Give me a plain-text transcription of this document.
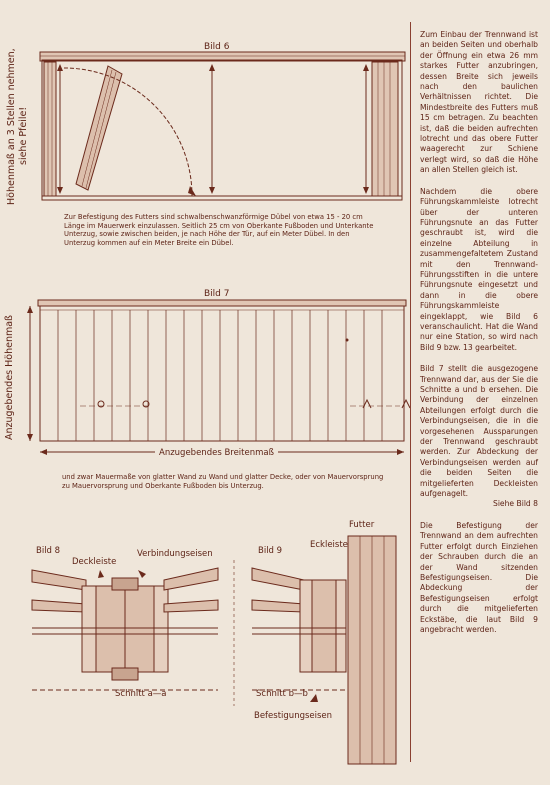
Höhenmaß an 3 Stellen nehmen, siehe Pfeile!
Anzugebendes Höhenmaß
Bild 6
Bild 7
Zur Befestigung des Futters sind schwalbenschwanzförmige Dübel von etwa 15 - 20 cm Länge im Mauerwerk einzulassen. Seitlich 25 cm von Oberkante Fußboden und Unterkante Unterzug, sowie zwischen beiden, je nach Höhe der Tür, auf ein Meter Dübel. In den Unterzug kommen auf ein Meter Breite ein Dübel.
Anzugebendes Breitenmaß
und zwar Mauermaße von glatter Wand zu Wand und glatter Decke, oder von Mauervorsprung zu Mauervorsprung und Oberkante Fußboden bis Unterzug.
Bild 8
Deckleiste
Verbindungseisen
Schnitt a—a
Bild 9
Eckleiste
Futter
Schnitt b—b
Befestigungseisen

Zum Einbau der Trennwand ist an beiden Seiten und oberhalb der Öffnung ein etwa 26 mm starkes Futter anzubringen, dessen Breite sich jeweils nach den baulichen Verhältnissen richtet. Die Mindestbreite des Futters muß 15 cm betragen. Zu beachten ist, daß die beiden aufrechten lotrecht und das obere Futter waagerecht zur Schiene verlegt wird, so daß die Höhe an allen Stellen gleich ist.

Nachdem die obere Führungskammleiste lotrecht über der unteren Führungsnute an das Futter geschraubt ist, wird die einzelne Abteilung in zusammengefaltetem Zustand mit den Trennwand-Führungsstiften in die untere Führungsnute eingesetzt und dann in die obere Führungskammleiste eingeklappt, wie Bild 6 veranschaulicht. Hat die Wand nur eine Station, so wird nach Bild 9 bzw. 13 gearbeitet.

Bild 7 stellt die ausgezogene Trennwand dar, aus der Sie die Schnitte a und b ersehen. Die Verbindung der einzelnen Abteilungen erfolgt durch die Verbindungseisen, die in die vorgesehenen Aussparungen der Trennwand geschraubt werden. Zur Abdeckung der Verbindungseisen werden auf die beiden Seiten die mitgelieferten Deckleisten aufgenagelt.

Siehe Bild 8

Die Befestigung der Trennwand an dem aufrechten Futter erfolgt durch Einziehen der Schrauben durch die an der Wand sitzenden Befestigungseisen. Die Abdeckung der Befestigungseisen erfolgt durch die mitgelieferten Eckstäbe, die laut Bild 9 angebracht werden.
